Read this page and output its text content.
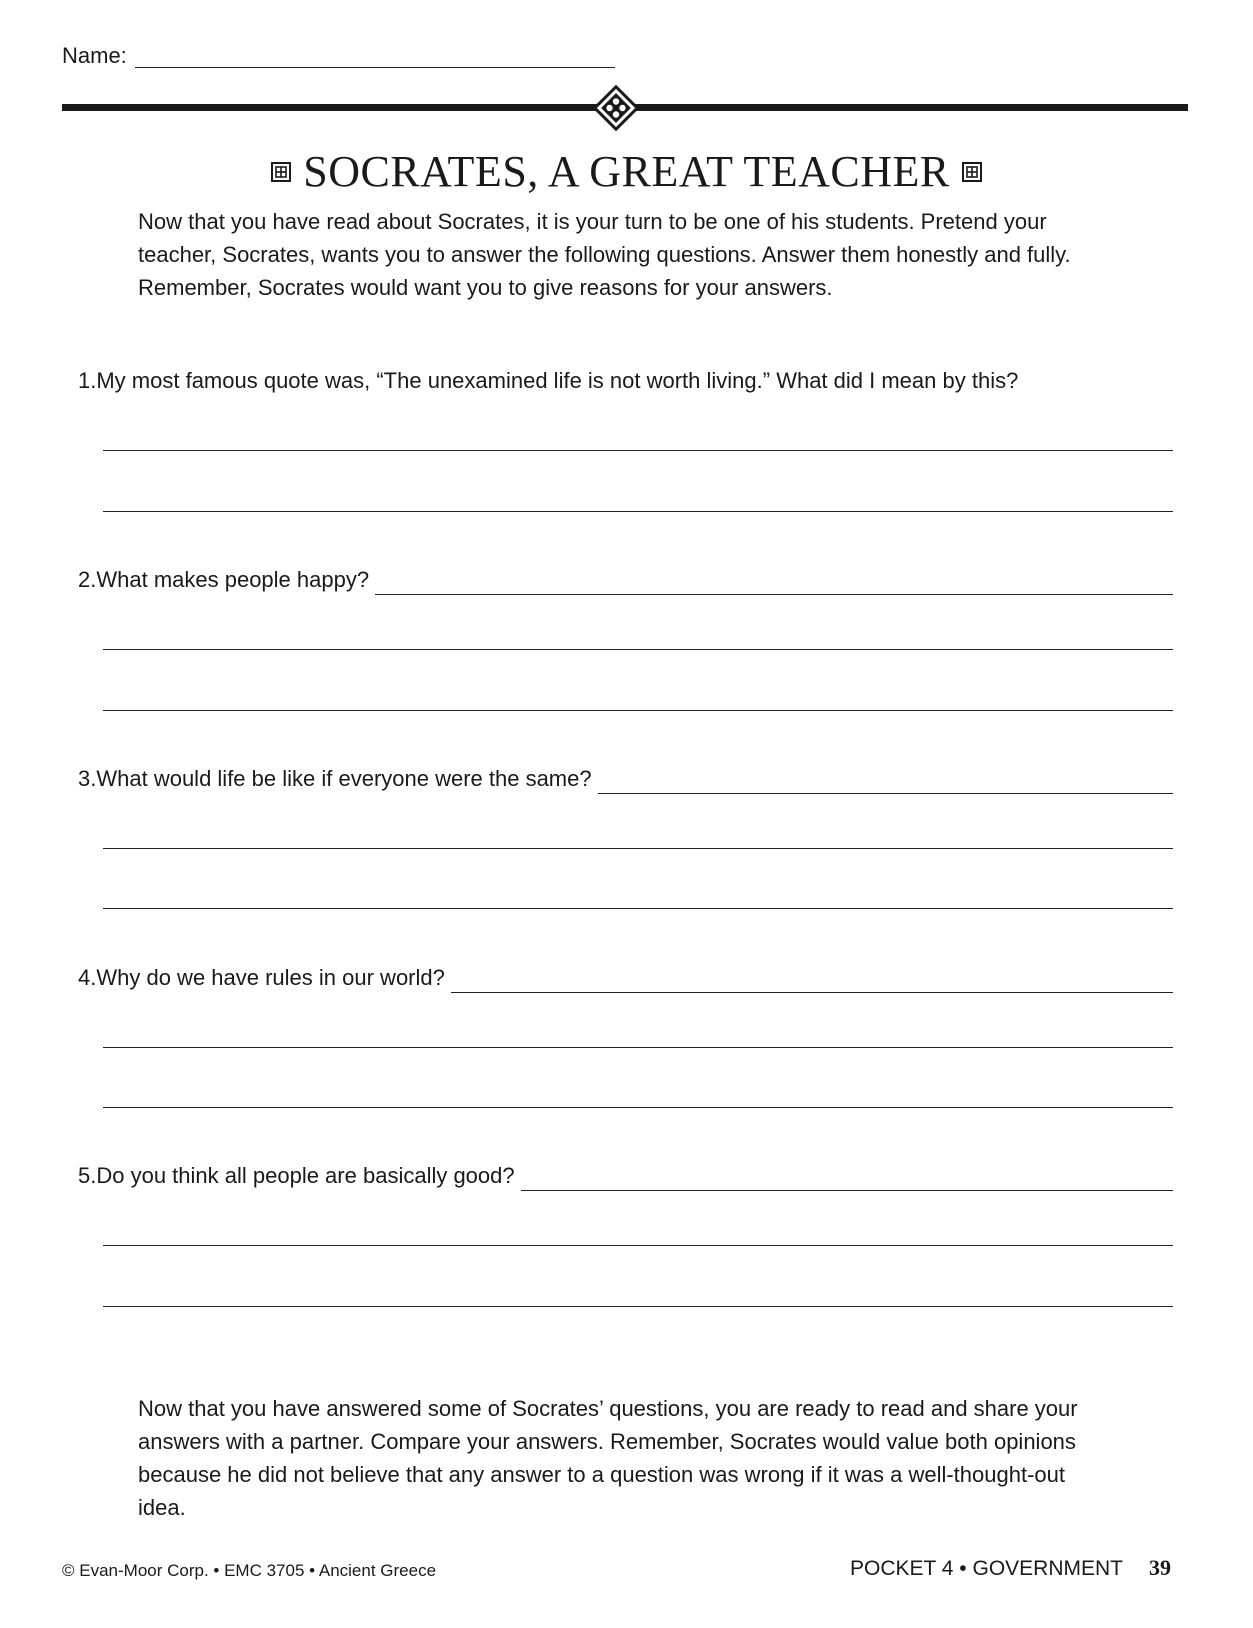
Name:
SOCRATES, A GREAT TEACHER

Now that you have read about Socrates, it is your turn to be one of his students. Pretend your teacher, Socrates, wants you to answer the following questions. Answer them honestly and fully. Remember, Socrates would want you to give reasons for your answers.

1. My most famous quote was, “The unexamined life is not worth living.” What did I mean by this?
2. What makes people happy?
3. What would life be like if everyone were the same?
4. Why do we have rules in our world?
5. Do you think all people are basically good?

Now that you have answered some of Socrates’ questions, you are ready to read and share your answers with a partner. Compare your answers. Remember, Socrates would value both opinions because he did not believe that any answer to a question was wrong if it was a well-thought-out idea.

© Evan-Moor Corp. • EMC 3705 • Ancient Greece	POCKET 4 • GOVERNMENT 39
